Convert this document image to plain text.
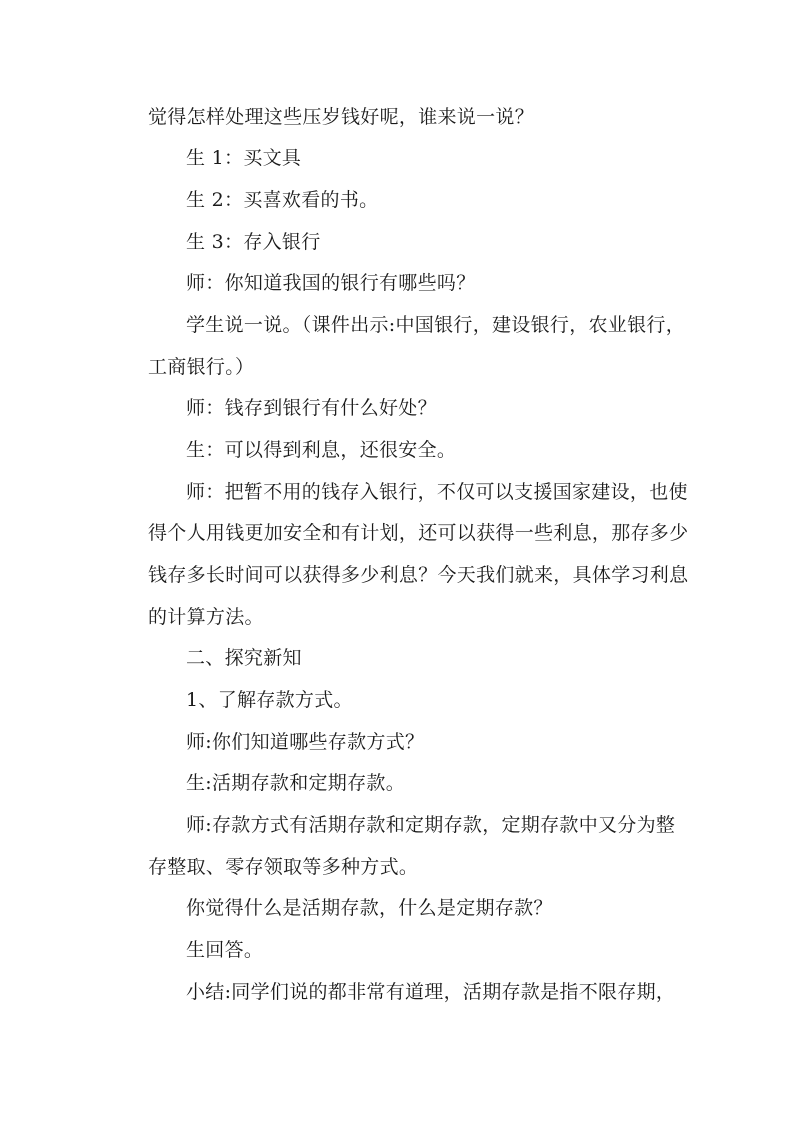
觉得怎样处理这些压岁钱好呢，谁来说一说？

生 1：买文具

生 2：买喜欢看的书。

生 3：存入银行

师：你知道我国的银行有哪些吗？

学生说一说。（课件出示:中国银行，建设银行，农业银行，

工商银行。）

师：钱存到银行有什么好处？

生：可以得到利息，还很安全。

师：把暂不用的钱存入银行，不仅可以支援国家建设，也使

得个人用钱更加安全和有计划，还可以获得一些利息，那存多少

钱存多长时间可以获得多少利息？今天我们就来，具体学习利息

的计算方法。

二、探究新知

1、了解存款方式。

师:你们知道哪些存款方式？

生:活期存款和定期存款。

师:存款方式有活期存款和定期存款，定期存款中又分为整

存整取、零存领取等多种方式。

你觉得什么是活期存款，什么是定期存款？

生回答。

小结:同学们说的都非常有道理，活期存款是指不限存期，
